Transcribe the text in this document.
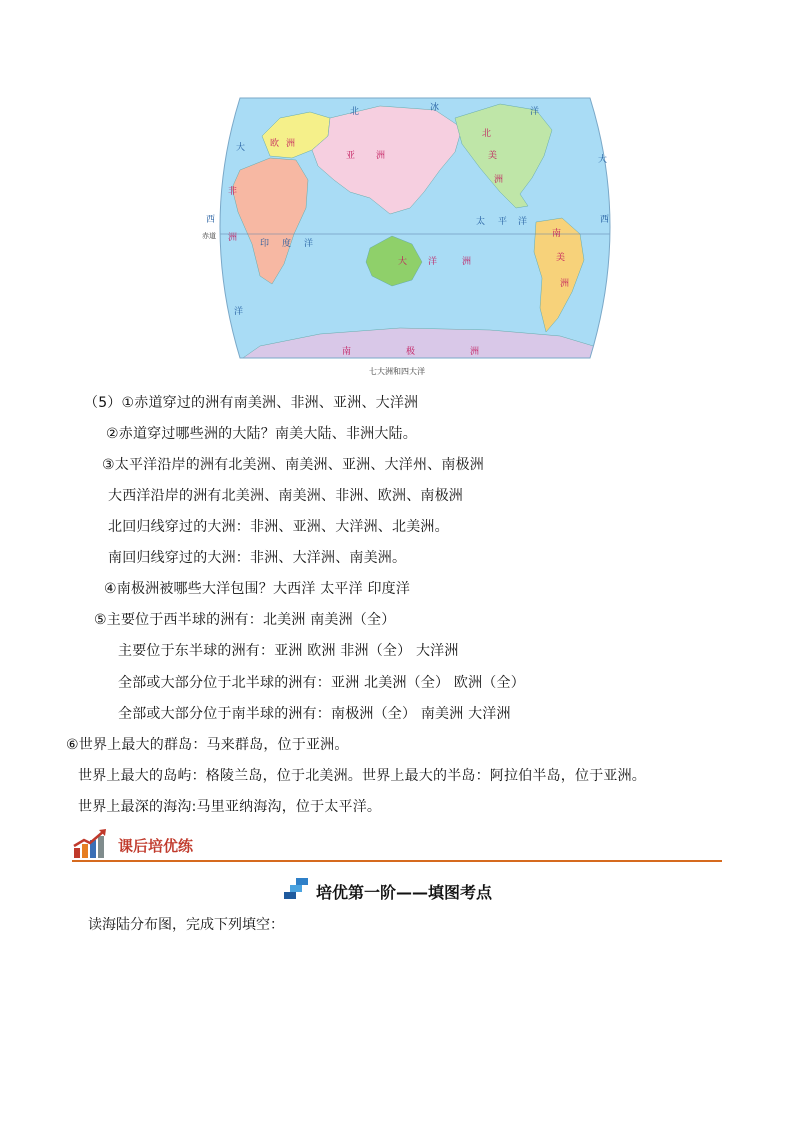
欧 洲
亚 洲
非
洲
北
美
洲
南
美
洲
大 洋	洲
南	极	洲
北	冰	洋
太 平 洋
印 度 洋
大
西
洋
大
西
赤道
七大洲和四大洋
（5）①赤道穿过的洲有南美洲、非洲、亚洲、大洋洲
②赤道穿过哪些洲的大陆？南美大陆、非洲大陆。
③太平洋沿岸的洲有北美洲、南美洲、亚洲、大洋州、南极洲
大西洋沿岸的洲有北美洲、南美洲、非洲、欧洲、南极洲
北回归线穿过的大洲：非洲、亚洲、大洋洲、北美洲。
南回归线穿过的大洲：非洲、大洋洲、南美洲。
④南极洲被哪些大洋包围？大西洋 太平洋 印度洋
⑤主要位于西半球的洲有：北美洲 南美洲（全）
主要位于东半球的洲有：亚洲 欧洲 非洲（全） 大洋洲
全部或大部分位于北半球的洲有：亚洲 北美洲（全） 欧洲（全）
全部或大部分位于南半球的洲有：南极洲（全） 南美洲 大洋洲
⑥世界上最大的群岛：马来群岛，位于亚洲。
世界上最大的岛屿：格陵兰岛，位于北美洲。世界上最大的半岛：阿拉伯半岛，位于亚洲。
世界上最深的海沟:马里亚纳海沟，位于太平洋。
课后培优练
培优第一阶——填图考点
读海陆分布图，完成下列填空：
